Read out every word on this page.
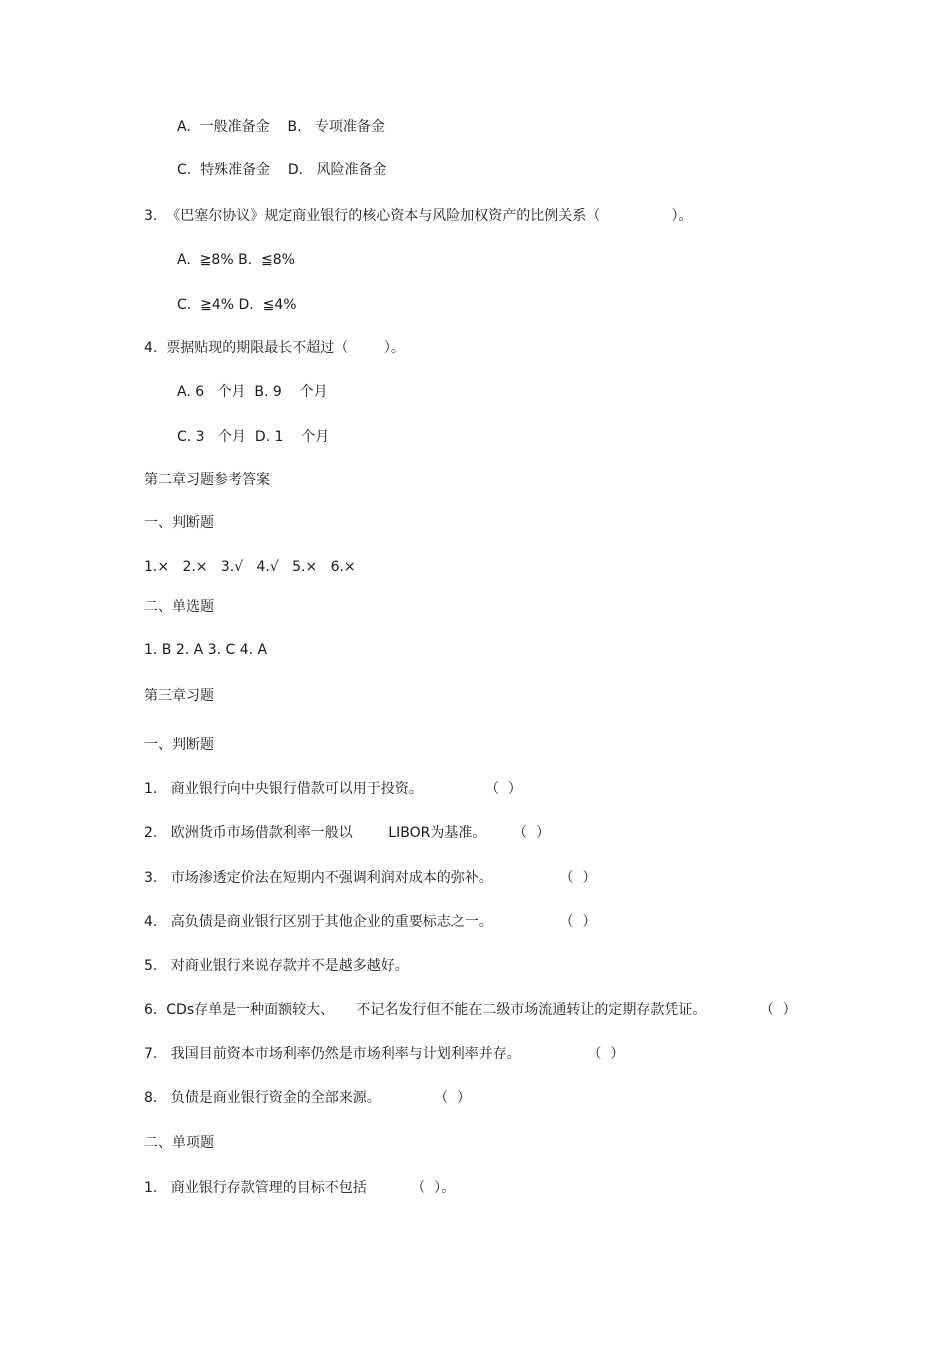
A.  一般准备金    B.   专项准备金
C.  特殊准备金    D.   风险准备金
3.  《巴塞尔协议》规定商业银行的核心资本与风险加权资产的比例关系（                ）。
A.  ≧8% B.  ≦8%
C.  ≧4% D.  ≦4%
4.  票据贴现的期限最长不超过（        ）。
A. 6   个月  B. 9    个月
C. 3   个月  D. 1    个月
第二章习题参考答案
一、判断题
1.×   2.×   3.√   4.√   5.×   6.×
二、单选题
1. B 2. A 3. C 4. A
第三章习题
一、判断题
1.   商业银行向中央银行借款可以用于投资。              （  ）
2.   欧洲货币市场借款利率一般以        LIBOR为基准。      （  ）
3.   市场渗透定价法在短期内不强调利润对成本的弥补。               （  ）
4.   高负债是商业银行区别于其他企业的重要标志之一。               （  ）
5.   对商业银行来说存款并不是越多越好。
6.  CDs存单是一种面额较大、     不记名发行但不能在二级市场流通转让的定期存款凭证。            （  ）
7.   我国目前资本市场利率仍然是市场利率与计划利率并存。               （  ）
8.   负债是商业银行资金的全部来源。            （  ）
二、单项题
1.   商业银行存款管理的目标不包括          （  ）。
